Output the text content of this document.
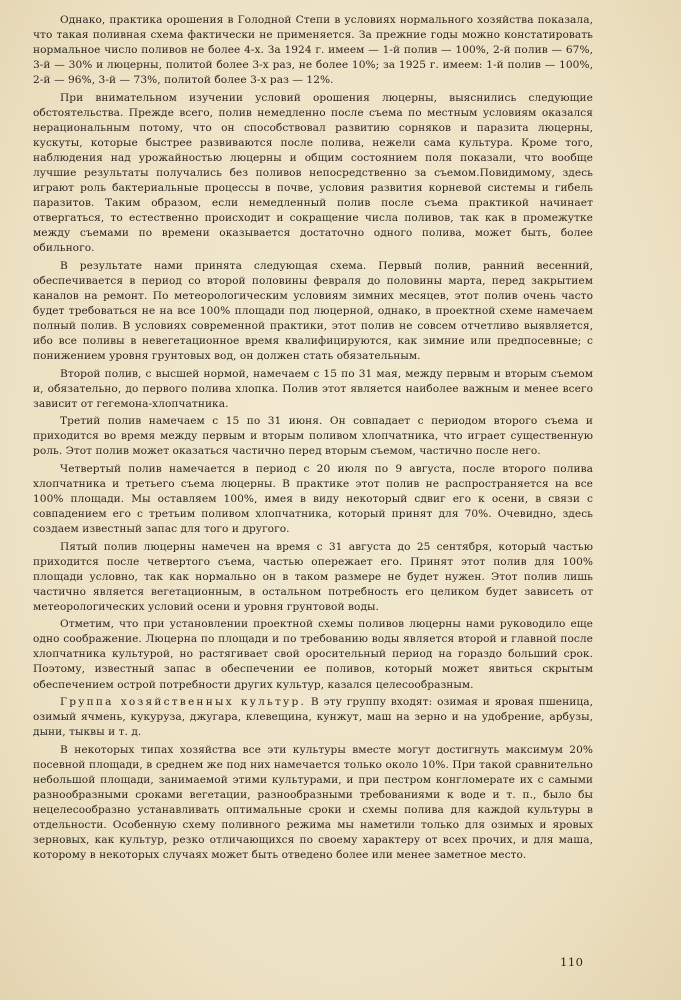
Однако, практика орошения в Голодной Степи в условиях нормального хозяйства показала, что такая поливная схема фактически не применяется. За прежние годы можно констатировать нормальное число поливов не более 4-х. За 1924 г. имеем — 1-й полив — 100%, 2-й полив — 67%, 3-й — 30% и люцерны, политой более 3-х раз, не более 10%; за 1925 г. имеем: 1-й полив — 100%, 2-й — 96%, 3-й — 73%, политой более 3-х раз — 12%.

При внимательном изучении условий орошения люцерны, выяснились следующие обстоятельства. Прежде всего, полив немедленно после съема по местным условиям оказался нерациональным потому, что он способствовал развитию сорняков и паразита люцерны, кускуты, которые быстрее развиваются после полива, нежели сама культура. Кроме того, наблюдения над урожайностью люцерны и общим состоянием поля показали, что вообще лучшие результаты получались без поливов непосредственно за съемом.Повидимому, здесь играют роль бактериальные процессы в почве, условия развития корневой системы и гибель паразитов. Таким образом, если немедленный полив после съема практикой начинает отвергаться, то естественно происходит и сокращение числа поливов, так как в промежутке между съемами по времени оказывается достаточно одного полива, может быть, более обильного.

В результате нами принята следующая схема. Первый полив, ранний весенний, обеспечивается в период со второй половины февраля до половины марта, перед закрытием каналов на ремонт. По метеорологическим условиям зимних месяцев, этот полив очень часто будет требоваться не на все 100% площади под люцерной, однако, в проектной схеме намечаем полный полив. В условиях современной практики, этот полив не совсем отчетливо выявляется, ибо все поливы в невегетационное время квалифицируются, как зимние или предпосевные; с понижением уровня грунтовых вод, он должен стать обязательным.

Второй полив, с высшей нормой, намечаем с 15 по 31 мая, между первым и вторым съемом и, обязательно, до первого полива хлопка. Полив этот является наиболее важным и менее всего зависит от гегемона-хлопчатника.

Третий полив намечаем с 15 по 31 июня. Он совпадает с периодом второго съема и приходится во время между первым и вторым поливом хлопчатника, что играет существенную роль. Этот полив может оказаться частично перед вторым съемом, частично после него.

Четвертый полив намечается в период с 20 июля по 9 августа, после второго полива хлопчатника и третьего съема люцерны. В практике этот полив не распространяется на все 100% площади. Мы оставляем 100%, имея в виду некоторый сдвиг его к осени, в связи с совпадением его с третьим поливом хлопчатника, который принят для 70%. Очевидно, здесь создаем известный запас для того и другого.

Пятый полив люцерны намечен на время с 31 августа до 25 сентября, который частью приходится после четвертого съема, частью опережает его. Принят этот полив для 100% площади условно, так как нормально он в таком размере не будет нужен. Этот полив лишь частично является вегетационным, в остальном потребность его целиком будет зависеть от метеорологических условий осени и уровня грунтовой воды.

Отметим, что при установлении проектной схемы поливов люцерны нами руководило еще одно соображение. Люцерна по площади и по требованию воды является второй и главной после хлопчатника культурой, но растягивает свой оросительный период на гораздо больший срок. Поэтому, известный запас в обеспечении ее поливов, который может явиться скрытым обеспечением острой потребности других культур, казался целесообразным.

Группа хозяйственных культур. В эту группу входят: озимая и яровая пшеница, озимый ячмень, кукуруза, джугара, клевещина, кунжут, маш на зерно и на удобрение, арбузы, дыни, тыквы и т. д.

В некоторых типах хозяйства все эти культуры вместе могут достигнуть максимум 20% посевной площади, в среднем же под них намечается только около 10%. При такой сравнительно небольшой площади, занимаемой этими культурами, и при пестром конгломерате их с самыми разнообразными сроками вегетации, разнообразными требованиями к воде и т. п., было бы нецелесообразно устанавливать оптимальные сроки и схемы полива для каждой культуры в отдельности. Особенную схему поливного режима мы наметили только для озимых и яровых зерновых, как культур, резко отличающихся по своему характеру от всех прочих, и для маша, которому в некоторых случаях может быть отведено более или менее заметное место.

110
